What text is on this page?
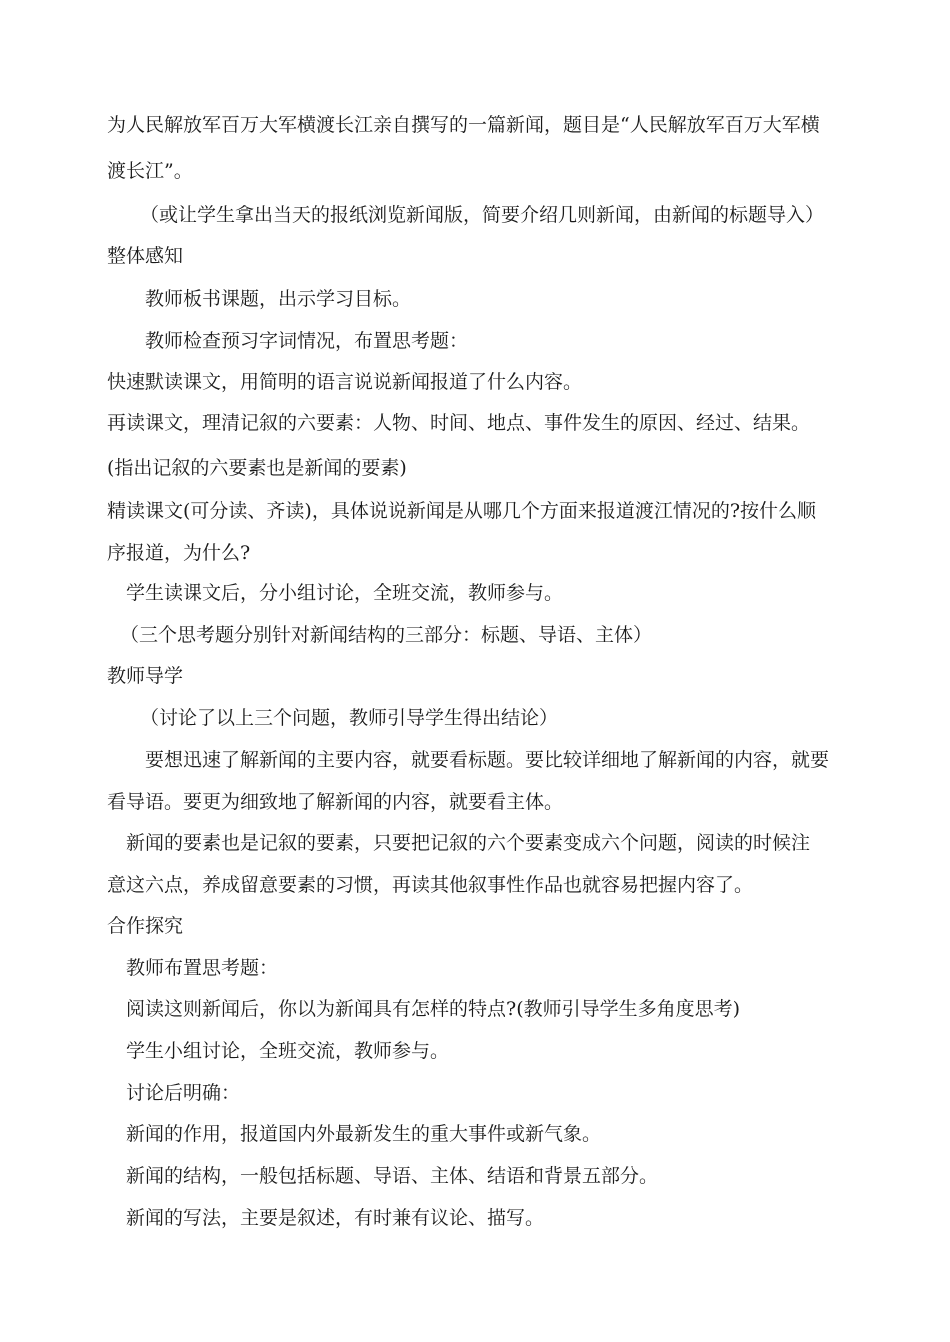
为人民解放军百万大军横渡长江亲自撰写的一篇新闻，题目是“人民解放军百万大军横
渡长江”。
（或让学生拿出当天的报纸浏览新闻版，简要介绍几则新闻，由新闻的标题导入）
整体感知
教师板书课题，出示学习目标。
教师检查预习字词情况，布置思考题：
快速默读课文，用简明的语言说说新闻报道了什么内容。
再读课文，理清记叙的六要素：人物、时间、地点、事件发生的原因、经过、结果。
(指出记叙的六要素也是新闻的要素)
精读课文(可分读、齐读)，具体说说新闻是从哪几个方面来报道渡江情况的?按什么顺
序报道，为什么?
学生读课文后，分小组讨论，全班交流，教师参与。
（三个思考题分别针对新闻结构的三部分：标题、导语、主体）
教师导学
（讨论了以上三个问题，教师引导学生得出结论）
要想迅速了解新闻的主要内容，就要看标题。要比较详细地了解新闻的内容，就要
看导语。要更为细致地了解新闻的内容，就要看主体。
新闻的要素也是记叙的要素，只要把记叙的六个要素变成六个问题，阅读的时候注
意这六点，养成留意要素的习惯，再读其他叙事性作品也就容易把握内容了。
合作探究
教师布置思考题：
阅读这则新闻后，你以为新闻具有怎样的特点?(教师引导学生多角度思考)
学生小组讨论，全班交流，教师参与。
讨论后明确：
新闻的作用，报道国内外最新发生的重大事件或新气象。
新闻的结构，一般包括标题、导语、主体、结语和背景五部分。
新闻的写法，主要是叙述，有时兼有议论、描写。
